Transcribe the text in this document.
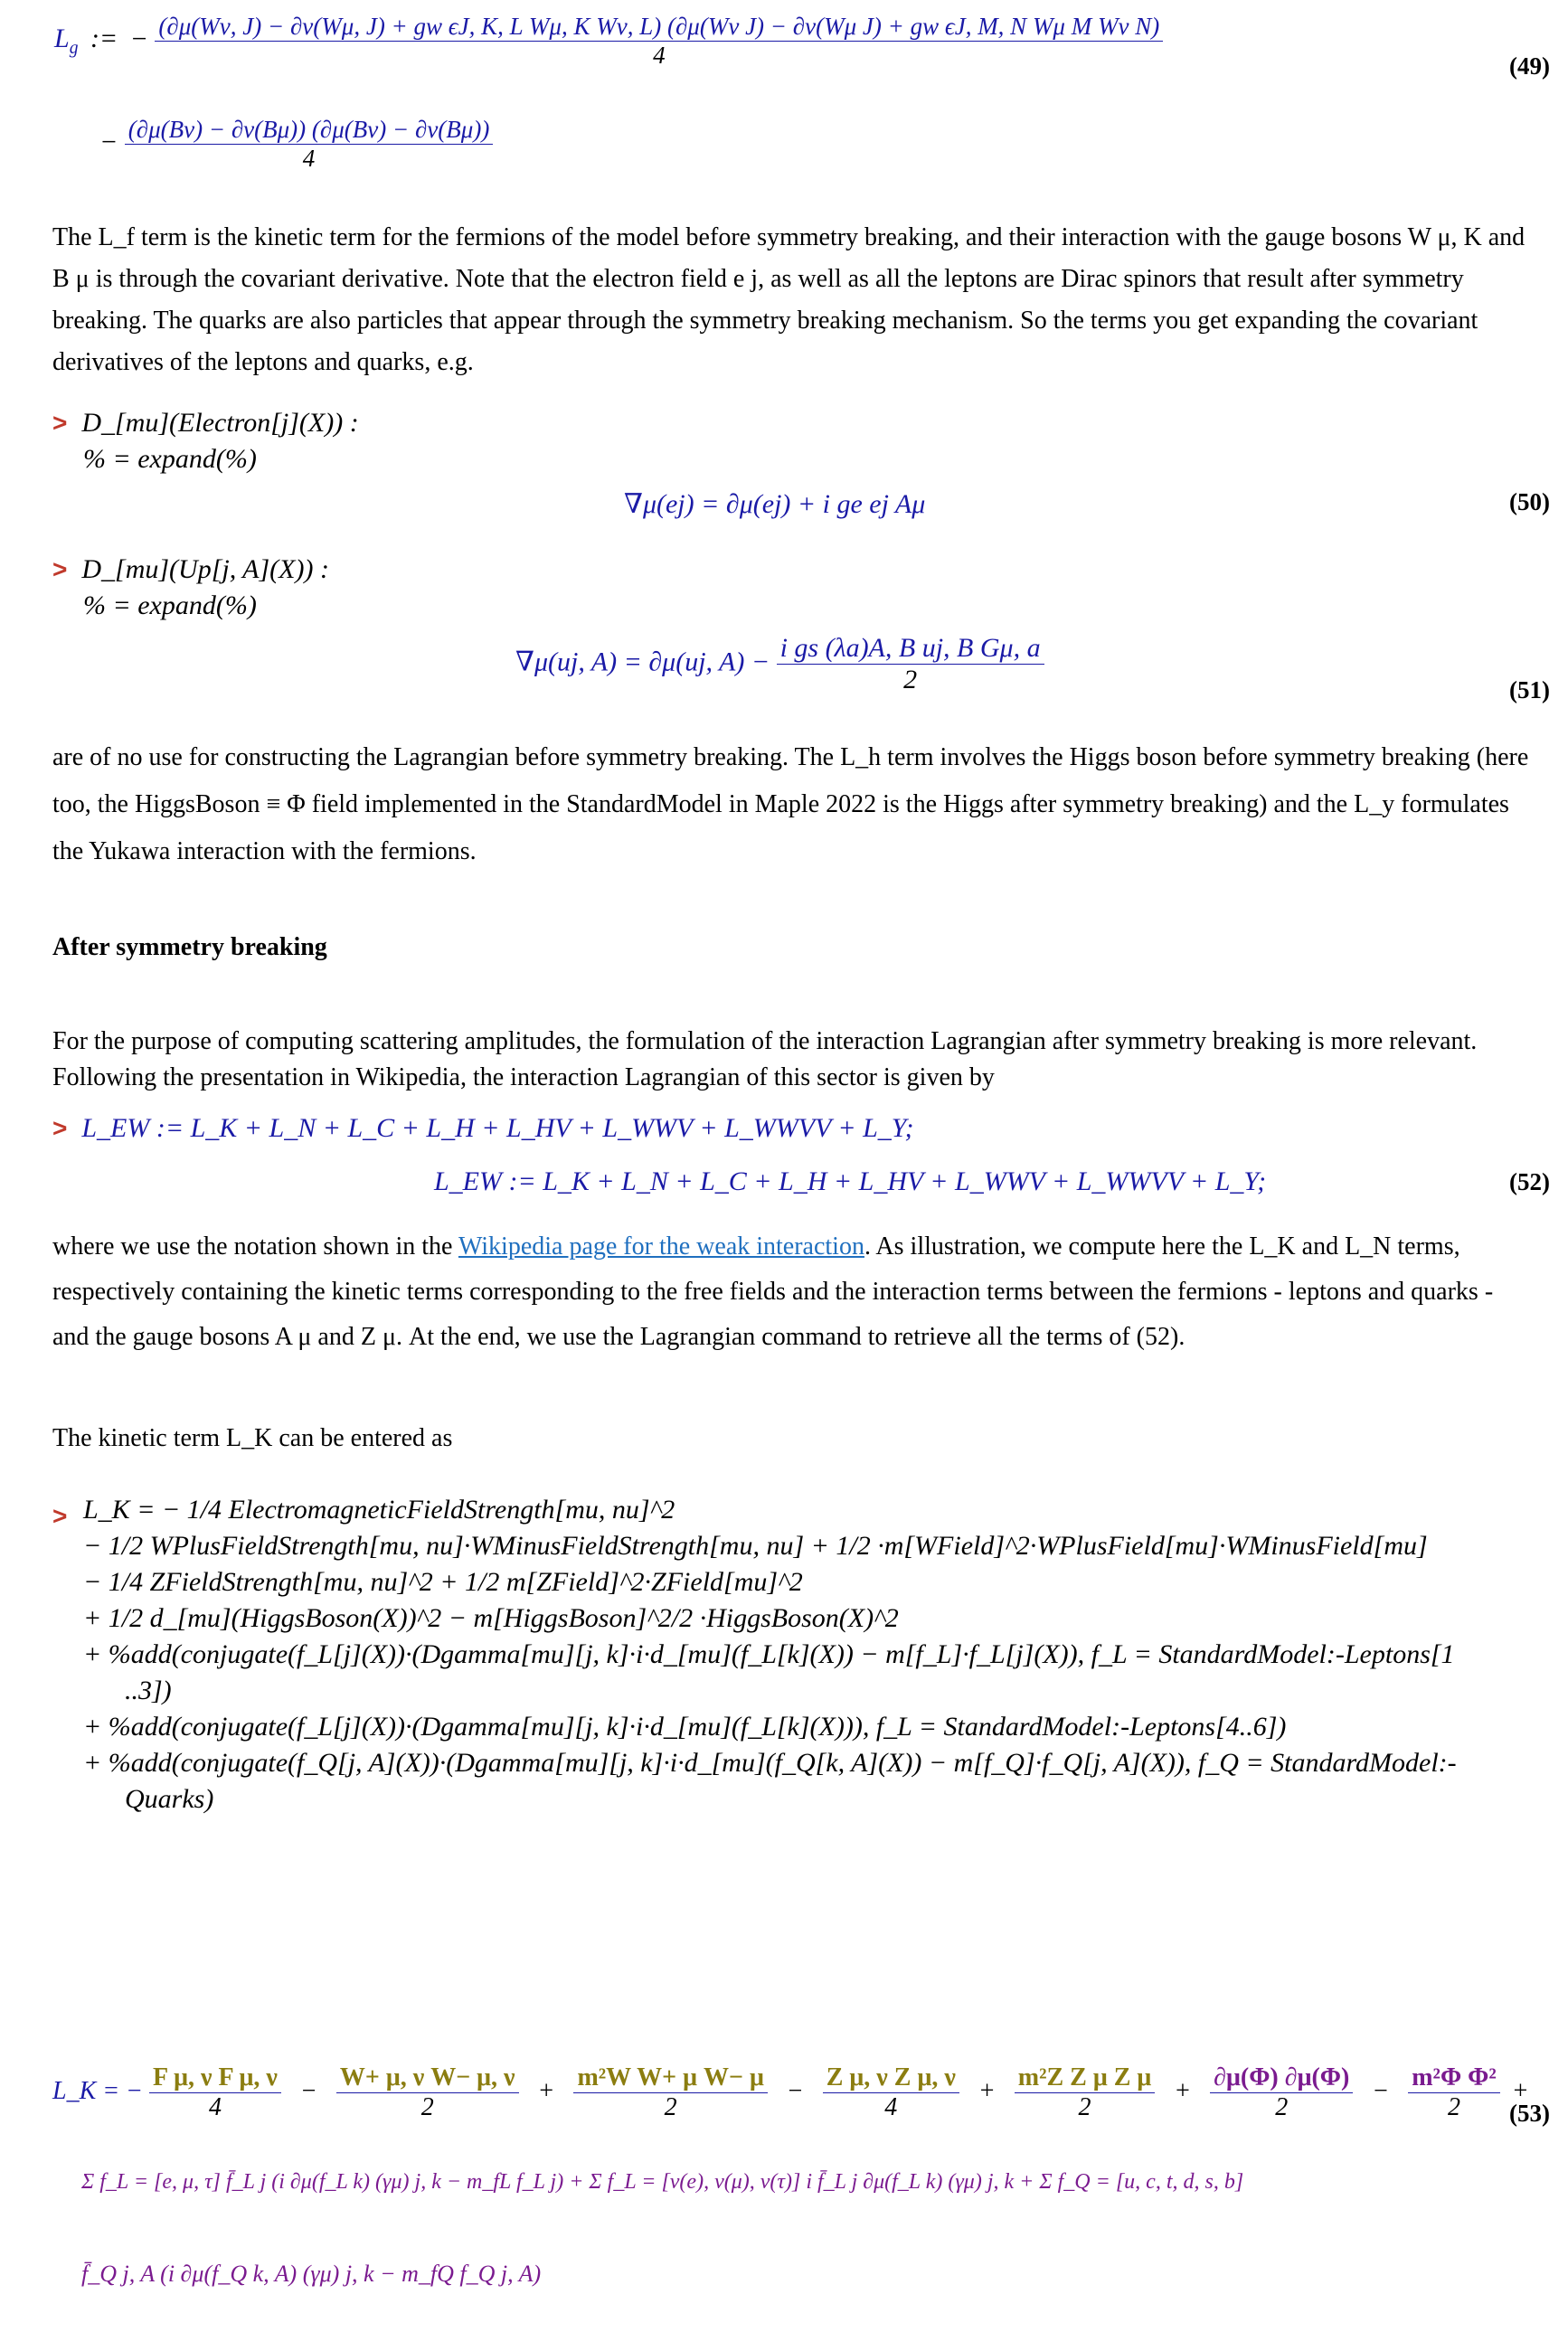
$L_g$ := − (∂μ(Wν, J) − ∂ν(Wμ, J) + gw ϵJ, K, L Wμ, K Wν, L) (∂μ(Wν J) − ∂ν(Wμ J) + gw ϵJ, M, N Wμ M Wν N)
4	(49)
− $\frac{(\partial\mu(B\nu) - \partial\nu(B\mu)) (\partial\mu(B\nu) - \partial\nu(B\mu))}{4}$
The L_f term is the kinetic term for the fermions of the model before symmetry breaking, and their interaction with the gauge bosons W μ, K and B μ is through the covariant derivative. Note that the electron field e j, as well as all the leptons are Dirac spinors that result after symmetry breaking. The quarks are also particles that appear through the symmetry breaking mechanism. So the terms you get expanding the covariant derivatives of the leptons and quarks, e.g.
> D_[mu](Electron[j](X)) :
% = expand(%)
∇μ(ej) = ∂μ(ej) + i ge ej Aμ	(50)
> D_[mu](Up[j, A](X)) :
% = expand(%)
∇μ(uj, A) = ∂μ(uj, $A) - \frac{\text{i gs (λa)A, B uj, B Gμ, a}}{2}$	(51)
are of no use for constructing the Lagrangian before symmetry breaking. The L_h term involves the Higgs boson before symmetry breaking (here too, the HiggsBoson ≡ Φ field implemented in the StandardModel in Maple 2022 is the Higgs after symmetry breaking) and the L_y formulates the Yukawa interaction with the fermions.
After symmetry breaking
For the purpose of computing scattering amplitudes, the formulation of the interaction Lagrangian after symmetry breaking is more relevant. Following the presentation in Wikipedia, the interaction Lagrangian of this sector is given by
> L_EW := L_K + L_N + L_C + L_H + L_HV + L_WWV + L_WWVV + L_Y;
L_EW := L_K + L_N + L_C + L_H + L_HV + L_WWV + L_WWVV + L_Y;	(52)
where we use the notation shown in the Wikipedia page for the weak interaction. As illustration, we compute here the L_K and L_N terms, respectively containing the kinetic terms corresponding to the free fields and the interaction terms between the fermions - leptons and quarks - and the gauge bosons A μ and Z μ. At the end, we use the Lagrangian command to retrieve all the terms of (52).
The kinetic term L_K can be entered as
> L_K = − 1/4 ElectromagneticFieldStrength[mu, nu]^2
− 1/2 WPlusFieldStrength[mu, nu]·WMinusFieldStrength[mu, nu] + 1/2 ·m[WField]^2·WPlusField[mu]·WMinusField[mu]
− 1/4 ZFieldStrength[mu, nu]^2 + 1/2 m[ZField]^2·ZField[mu]^2
+ 1/2 d_[mu](HiggsBoson(X))^2 − m[HiggsBoson]^2/2 ·HiggsBoson(X)^2
+ %add(conjugate(f_L[j](X))·(Dgamma[mu][j, k]·i·d_[mu](f_L[k](X)) − m[f_L]·f_L[j](X)), f_L = StandardModel:-Leptons[1
..3])
+ %add(conjugate(f_L[j](X))·(Dgamma[mu][j, k]·i·d_[mu](f_L[k](X))), f_L = StandardModel:-Leptons[4..6])
+ %add(conjugate(f_Q[j, A](X))·(Dgamma[mu][j, k]·i·d_[mu](f_Q[k, A](X)) − m[f_Q]·f_Q[j, A](X)), f_Q = StandardModel:-
Quarks)
L_K = − $\frac{\text{F μ, ν F μ, ν}}{4} - \frac{\text{W+ μ, ν W− μ, ν}}{2} + \frac{\text{m²W W+ μ W− μ}}{2} - \frac{\text{Z μ, ν Z μ, ν}}{4} + \frac{\text{m²Z Z μ Z μ}}{2} + \frac{\partial\mu(\Phi) \partial\mu(\Phi)}{2} - \frac{\text{m²Φ Φ²}}{2}$ +
(53)
Σ f_L = [e, μ, τ] f̄_L j (i ∂μ(f_L k) (γμ) j, k − m_fL f_L j) + Σ f_L = [ν(e), ν(μ), ν(τ)] i f̄_L j ∂μ(f_L k) (γμ) j, k + Σ f_Q = [u, c, t, d, s, b]
f̄_Q j, A (i ∂μ(f_Q k, A) (γμ) j, k − m_fQ f_Q j, A)
